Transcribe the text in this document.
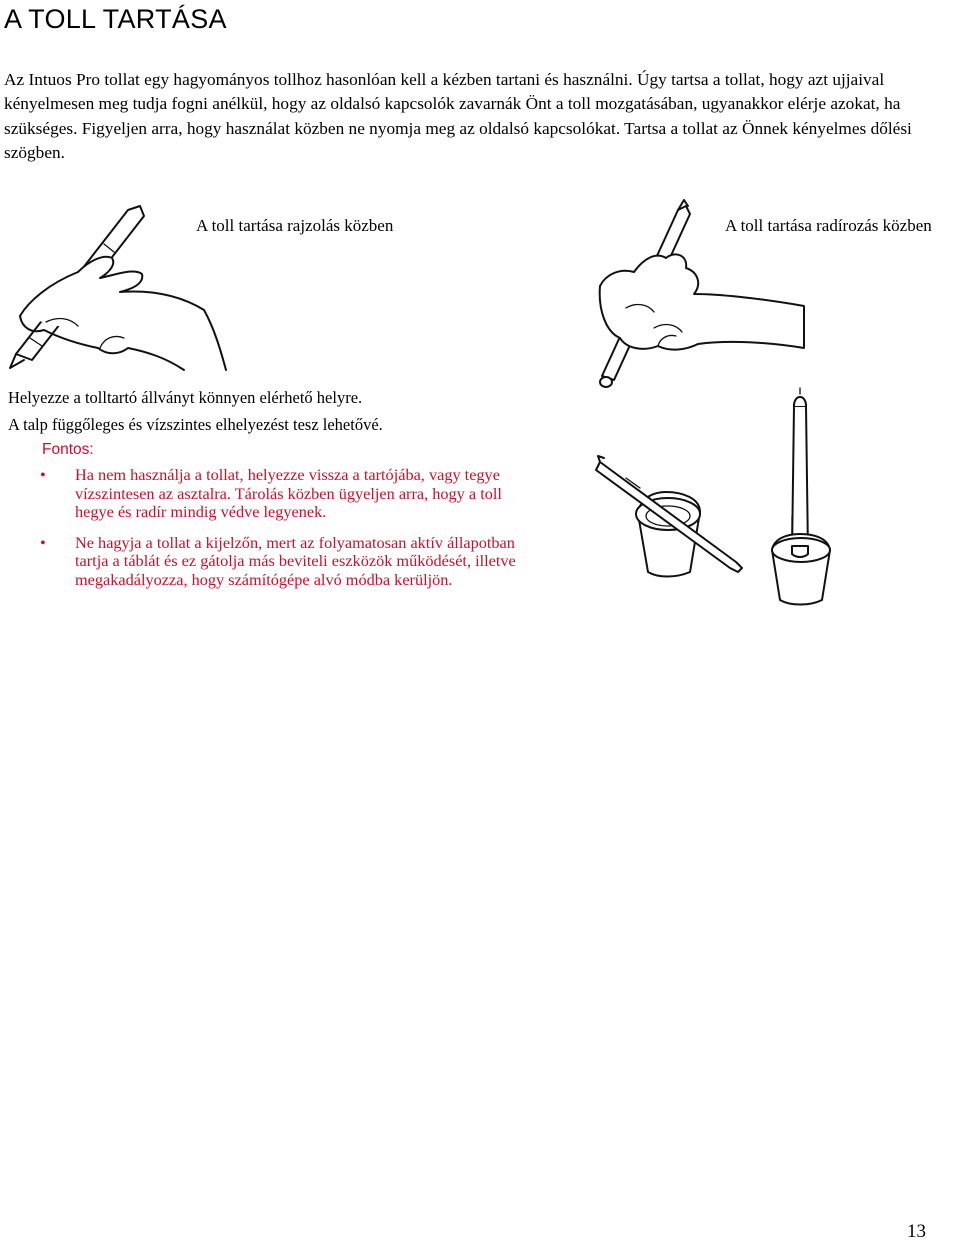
A TOLL TARTÁSA

Az Intuos Pro tollat egy hagyományos tollhoz hasonlóan kell a kézben tartani és használni. Úgy tartsa a tollat, hogy azt ujjaival kényelmesen meg tudja fogni anélkül, hogy az oldalsó kapcsolók zavarnák Önt a toll mozgatásában, ugyanakkor elérje azokat, ha szükséges. Figyeljen arra, hogy használat közben ne nyomja meg az oldalsó kapcsolókat. Tartsa a tollat az Önnek kényelmes dőlési szögben.

A toll tartása rajzolás közben	A toll tartása radírozás közben
Helyezze a tolltartó állványt könnyen elérhető helyre.
A talp függőleges és vízszintes elhelyezést tesz lehetővé.
Fontos:
• Ha nem használja a tollat, helyezze vissza a tartójába, vagy tegye vízszintesen az asztalra. Tárolás közben ügyeljen arra, hogy a toll hegye és radír mindig védve legyenek.
• Ne hagyja a tollat a kijelzőn, mert az folyamatosan aktív állapotban tartja a táblát és ez gátolja más beviteli eszközök működését, illetve megakadályozza, hogy számítógépe alvó módba kerüljön.
13
